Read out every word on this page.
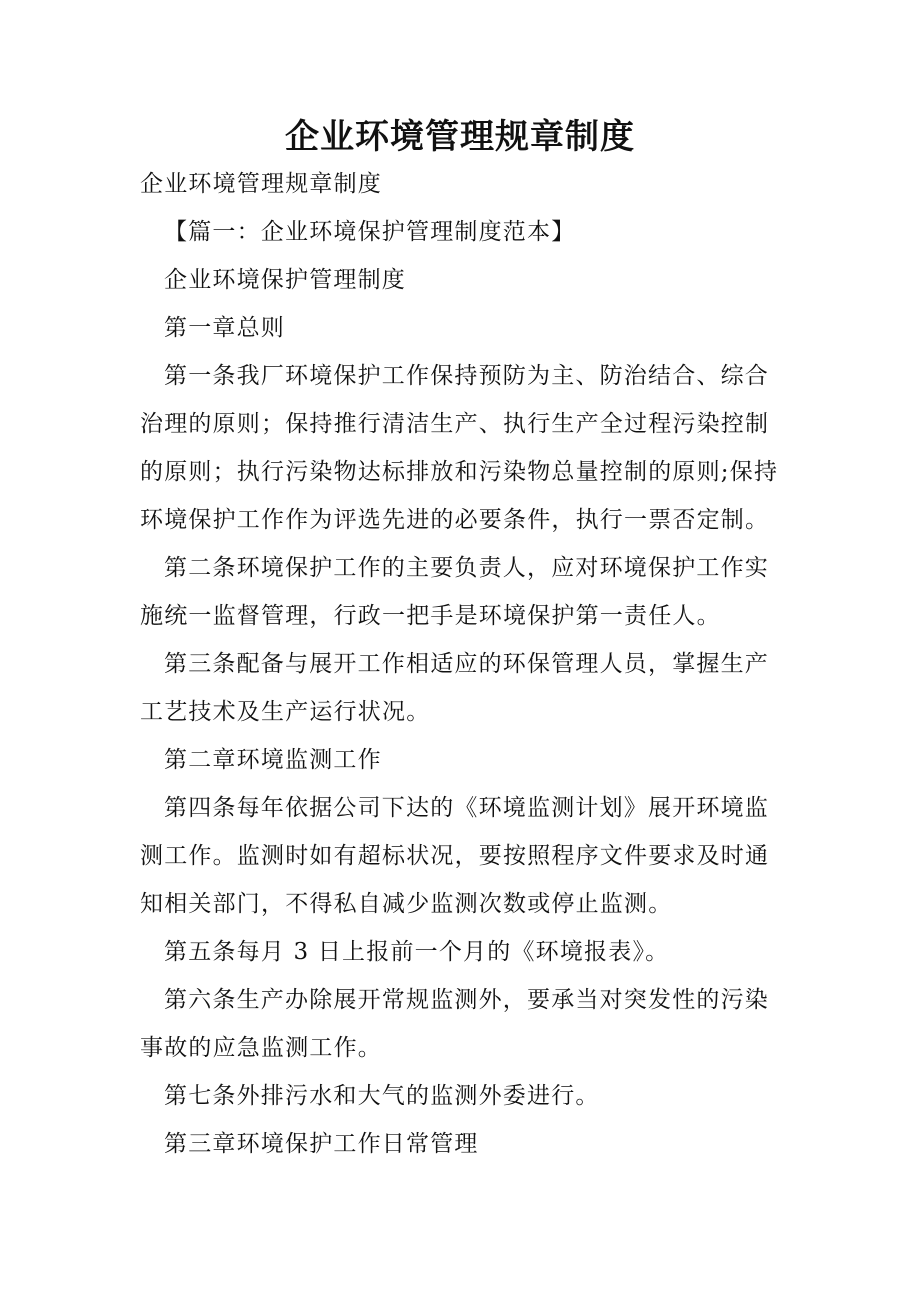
企业环境管理规章制度

企业环境管理规章制度

【篇一：企业环境保护管理制度范本】

企业环境保护管理制度

第一章总则

第一条我厂环境保护工作保持预防为主、防治结合、综合治理的原则；保持推行清洁生产、执行生产全过程污染控制的原则；执行污染物达标排放和污染物总量控制的原则;保持环境保护工作作为评选先进的必要条件，执行一票否定制。

第二条环境保护工作的主要负责人，应对环境保护工作实施统一监督管理，行政一把手是环境保护第一责任人。

第三条配备与展开工作相适应的环保管理人员，掌握生产工艺技术及生产运行状况。

第二章环境监测工作

第四条每年依据公司下达的《环境监测计划》展开环境监测工作。监测时如有超标状况，要按照程序文件要求及时通知相关部门，不得私自减少监测次数或停止监测。

第五条每月 3 日上报前一个月的《环境报表》。

第六条生产办除展开常规监测外，要承当对突发性的污染事故的应急监测工作。

第七条外排污水和大气的监测外委进行。

第三章环境保护工作日常管理
